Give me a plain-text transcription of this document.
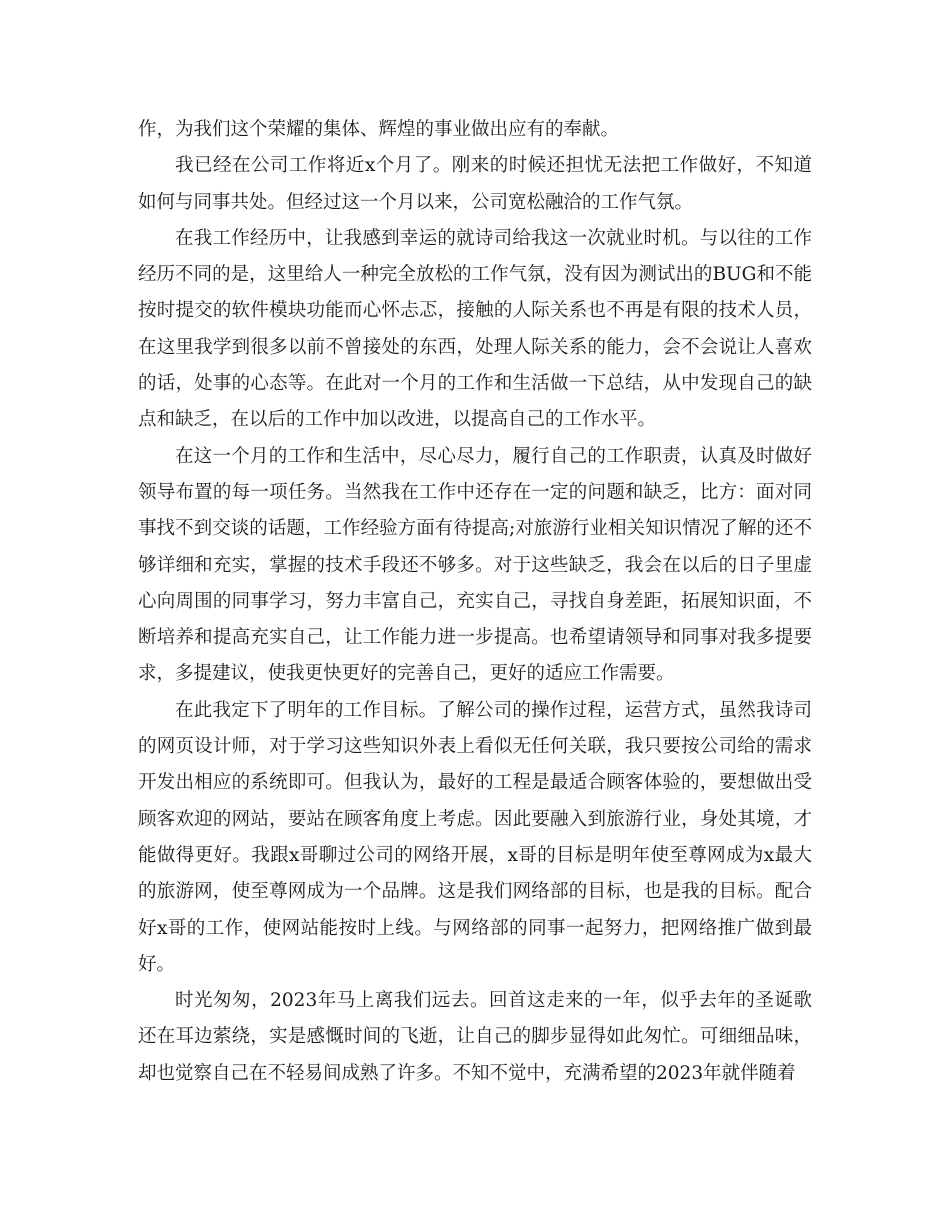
作，为我们这个荣耀的集体、辉煌的事业做出应有的奉献。

我已经在公司工作将近x个月了。刚来的时候还担忧无法把工作做好，不知道如何与同事共处。但经过这一个月以来，公司宽松融洽的工作气氛。

在我工作经历中，让我感到幸运的就诗司给我这一次就业时机。与以往的工作经历不同的是，这里给人一种完全放松的工作气氛，没有因为测试出的BUG和不能按时提交的软件模块功能而心怀忐忑，接触的人际关系也不再是有限的技术人员，在这里我学到很多以前不曾接处的东西，处理人际关系的能力，会不会说让人喜欢的话，处事的心态等。在此对一个月的工作和生活做一下总结，从中发现自己的缺点和缺乏，在以后的工作中加以改进，以提高自己的工作水平。

在这一个月的工作和生活中，尽心尽力，履行自己的工作职责，认真及时做好领导布置的每一项任务。当然我在工作中还存在一定的问题和缺乏，比方：面对同事找不到交谈的话题，工作经验方面有待提高;对旅游行业相关知识情况了解的还不够详细和充实，掌握的技术手段还不够多。对于这些缺乏，我会在以后的日子里虚心向周围的同事学习，努力丰富自己，充实自己，寻找自身差距，拓展知识面，不断培养和提高充实自己，让工作能力进一步提高。也希望请领导和同事对我多提要求，多提建议，使我更快更好的完善自己，更好的适应工作需要。

在此我定下了明年的工作目标。了解公司的操作过程，运营方式，虽然我诗司的网页设计师，对于学习这些知识外表上看似无任何关联，我只要按公司给的需求开发出相应的系统即可。但我认为，最好的工程是最适合顾客体验的，要想做出受顾客欢迎的网站，要站在顾客角度上考虑。因此要融入到旅游行业，身处其境，才能做得更好。我跟x哥聊过公司的网络开展，x哥的目标是明年使至尊网成为x最大的旅游网，使至尊网成为一个品牌。这是我们网络部的目标，也是我的目标。配合好x哥的工作，使网站能按时上线。与网络部的同事一起努力，把网络推广做到最好。

时光匆匆，2023年马上离我们远去。回首这走来的一年，似乎去年的圣诞歌还在耳边萦绕，实是感慨时间的飞逝，让自己的脚步显得如此匆忙。可细细品味，却也觉察自己在不轻易间成熟了许多。不知不觉中，充满希望的2023年就伴随着
